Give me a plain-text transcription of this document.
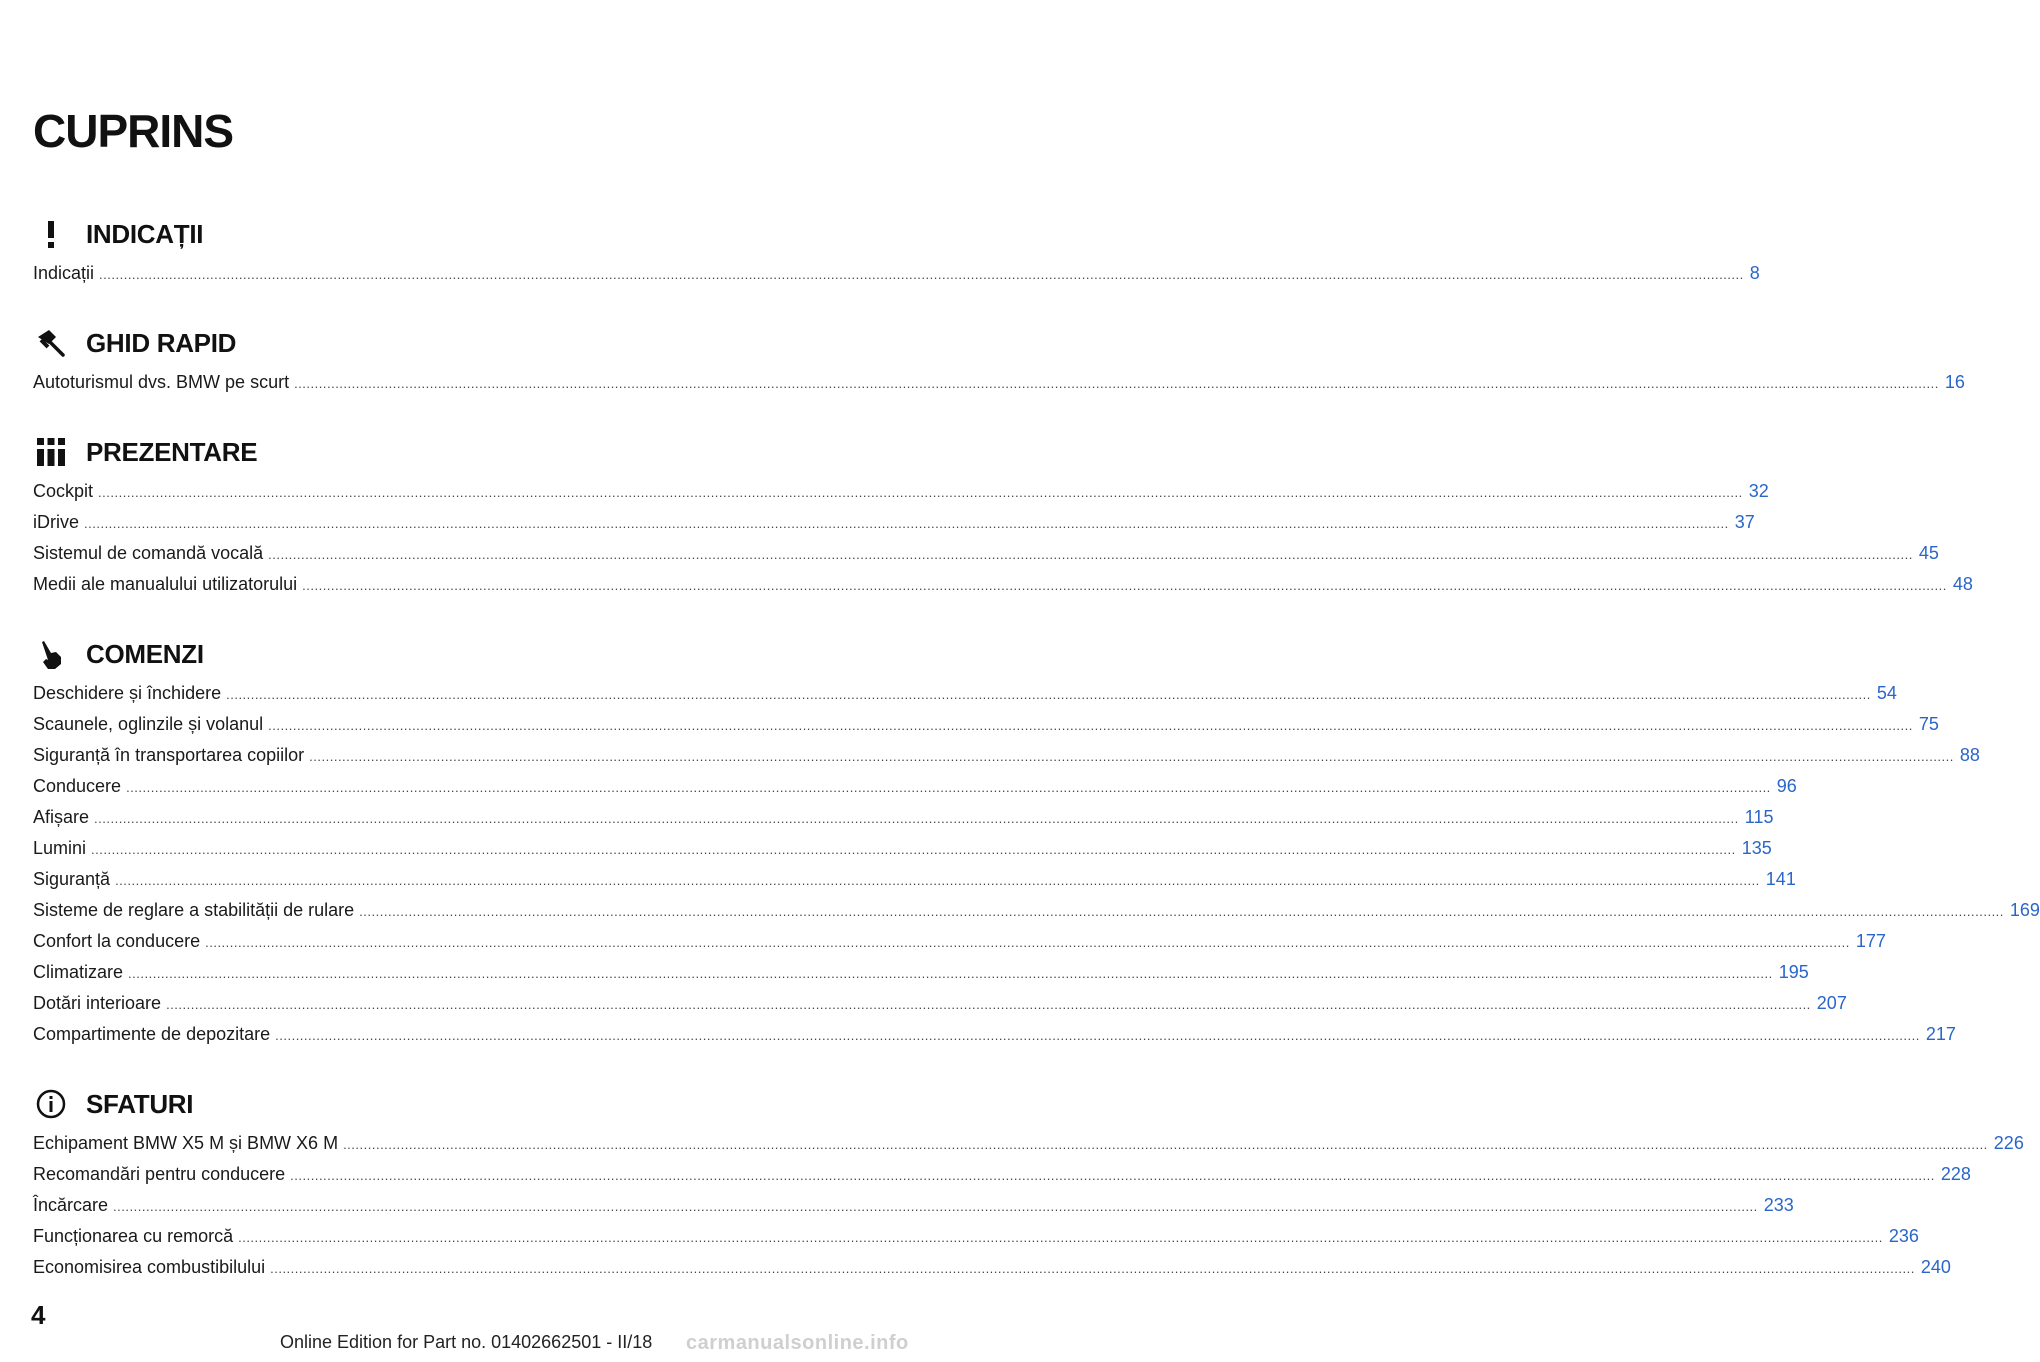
CUPRINS
INDICAȚII
Indicații ................................................................................................................................................................................................................................................................................................................................................................................................................ 8
GHID RAPID
Autoturismul dvs. BMW pe scurt ................................................................................................................................................................................................................................................................................................................................................................................................................ 16
PREZENTARE
Cockpit ................................................................................................................................................................................................................................................................................................................................................................................................................ 32
iDrive ................................................................................................................................................................................................................................................................................................................................................................................................................ 37
Sistemul de comandă vocală ................................................................................................................................................................................................................................................................................................................................................................................................................ 45
Medii ale manualului utilizatorului ................................................................................................................................................................................................................................................................................................................................................................................................................ 48
COMENZI
Deschidere și închidere ................................................................................................................................................................................................................................................................................................................................................................................................................ 54
Scaunele, oglinzile și volanul ................................................................................................................................................................................................................................................................................................................................................................................................................ 75
Siguranță în transportarea copiilor ................................................................................................................................................................................................................................................................................................................................................................................................................ 88
Conducere ................................................................................................................................................................................................................................................................................................................................................................................................................ 96
Afișare ................................................................................................................................................................................................................................................................................................................................................................................................................ 115
Lumini ................................................................................................................................................................................................................................................................................................................................................................................................................ 135
Siguranță ................................................................................................................................................................................................................................................................................................................................................................................................................ 141
Sisteme de reglare a stabilității de rulare ................................................................................................................................................................................................................................................................................................................................................................................................................ 169
Confort la conducere ................................................................................................................................................................................................................................................................................................................................................................................................................ 177
Climatizare ................................................................................................................................................................................................................................................................................................................................................................................................................ 195
Dotări interioare ................................................................................................................................................................................................................................................................................................................................................................................................................ 207
Compartimente de depozitare ................................................................................................................................................................................................................................................................................................................................................................................................................ 217
SFATURI
Echipament BMW X5 M și BMW X6 M ................................................................................................................................................................................................................................................................................................................................................................................................................ 226
Recomandări pentru conducere ................................................................................................................................................................................................................................................................................................................................................................................................................ 228
Încărcare ................................................................................................................................................................................................................................................................................................................................................................................................................ 233
Funcționarea cu remorcă ................................................................................................................................................................................................................................................................................................................................................................................................................ 236
Economisirea combustibilului ................................................................................................................................................................................................................................................................................................................................................................................................................ 240
4
Online Edition for Part no. 01402662501 - II/18 carmanualsonline.info
